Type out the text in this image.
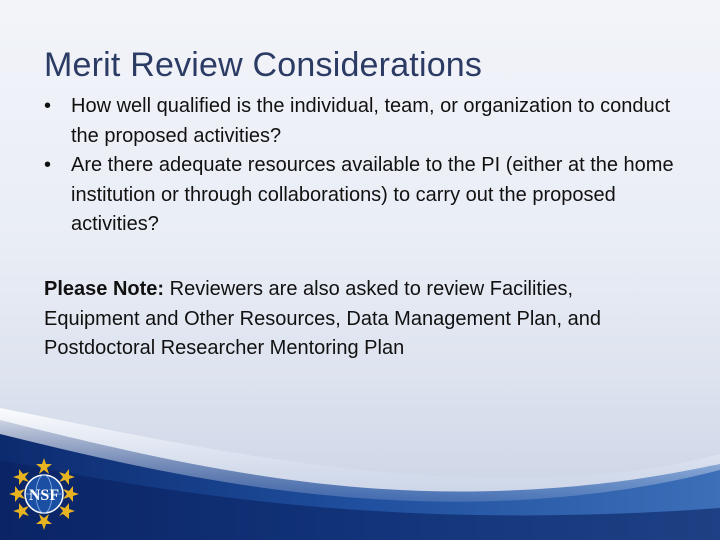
Merit Review Considerations
• How well qualified is the individual, team, or organization to conduct the proposed activities?
• Are there adequate resources available to the PI (either at the home institution or through collaborations) to carry out the proposed activities?
Please Note: Reviewers are also asked to review Facilities, Equipment and Other Resources, Data Management Plan, and Postdoctoral Researcher Mentoring Plan
NSF
